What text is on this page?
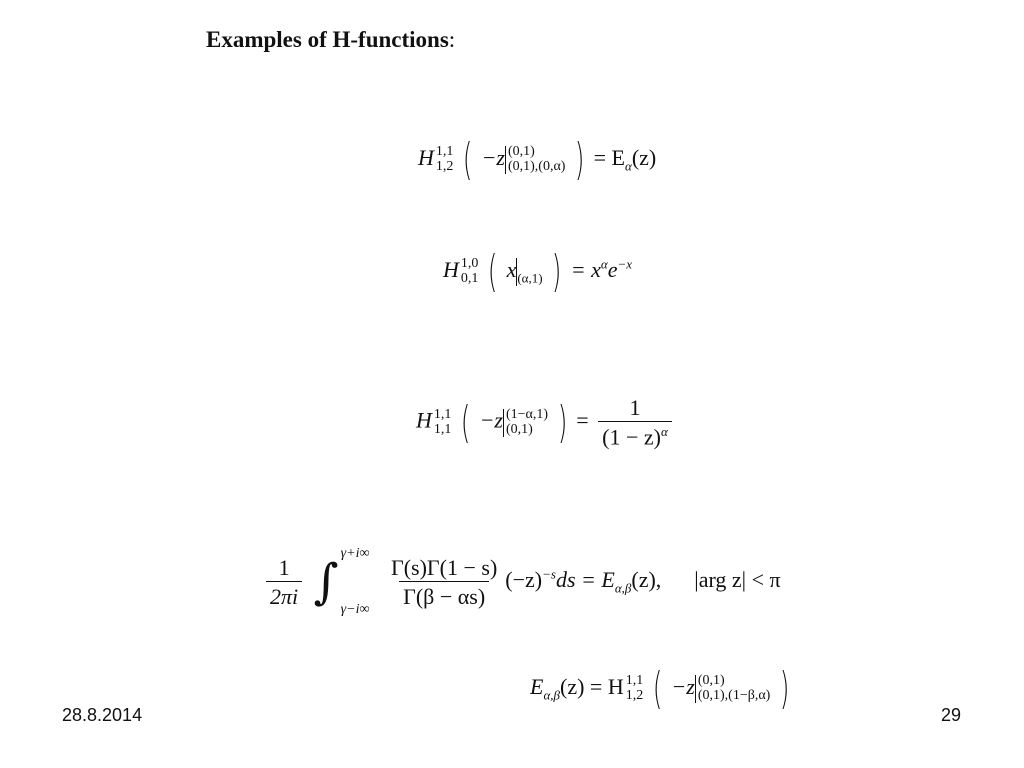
Examples of H-functions:
H 1,1
1,2 ( −z (0,1)
(0,1),(0,α) ) = $E_\alpha(z)$
H 1,0
0,1 ( $x_{(\alpha,1)}$ ) = $x^\alpha e^{-x}$
H 1,1
1,1 ( −z (1−α,1)
(0,1) ) = $\frac{1}{(1 - z)^\alpha}$
$\frac{1}{2\pi i}$ ∫
γ+i∞
γ−i∞
$\frac{\Gamma(s)\Gamma(1 - s)}{\Gamma(\beta - \alpha s)} (-z)^{-s}ds = E_{\alpha,\beta}(z)$, |arg z| < π
$E_{\alpha,\beta}(z) = H$ 1,1
1,2 ( −z (0,1)
(0,1),(1−β,α) )
28.8.2014	29
